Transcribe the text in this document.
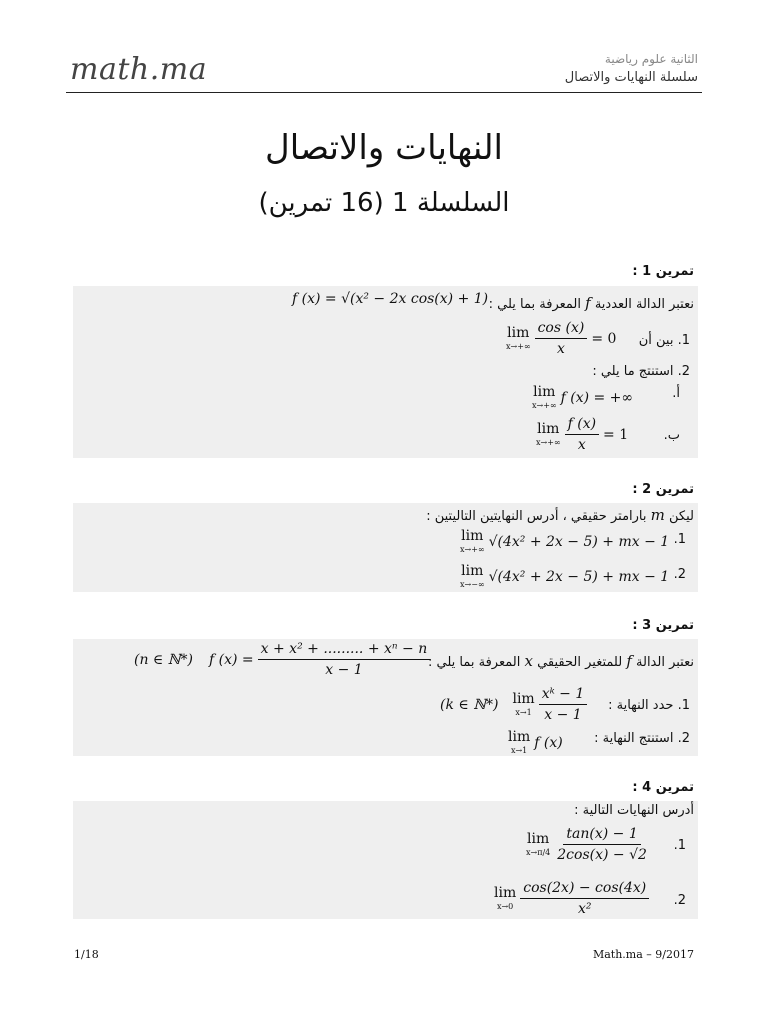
math.ma	الثانية علوم رياضية
سلسلة النهايات والاتصال
النهايات والاتصال
السلسلة 1 (16 تمرين)
تمرين 1 :
نعتبر الدالة العددية f المعرفة بما يلي :
f (x) = √(x² − 2x cos(x) + 1)
1. بين أن
lim
$x\to+\infty \frac{\cos (x)}{x} = 0$
2. استنتج ما يلي :
أ.
lim
x→+∞ f (x) = +∞
ب.
lim
$x\to+\infty \frac{f (x)}{x} = 1$
تمرين 2 :
ليكن m بارامتر حقيقي ، أدرس النهايتين التاليتين :
1.
lim
x→+∞ √(4x² + 2x − 5) + mx − 1
2.
lim
x→−∞ √(4x² + 2x − 5) + mx − 1
تمرين 3 :
نعتبر الدالة f للمتغير الحقيقي x المعرفة بما يلي :
(n ∈ ℕ*) f $(x) = \frac{\text{x + x² + ......... + xⁿ − n}}{x - 1}$
1. حدد النهاية :
(k ∈ ℕ*) lim
$x\to 1 \frac{\text{xᵏ − 1}}{x - 1}$
2. استنتج النهاية :
lim
x→1 f (x)
تمرين 4 :
أدرس النهايات التالية :
1.
lim
$x\to\pi/4 \frac{\tan(x) - 1}{2\cos(x) - √2}$
2.
lim
$x\to 0 \frac{\cos(2x) - \cos(4x)}{\text{x²}}$
1/18	Math.ma – 9/2017
